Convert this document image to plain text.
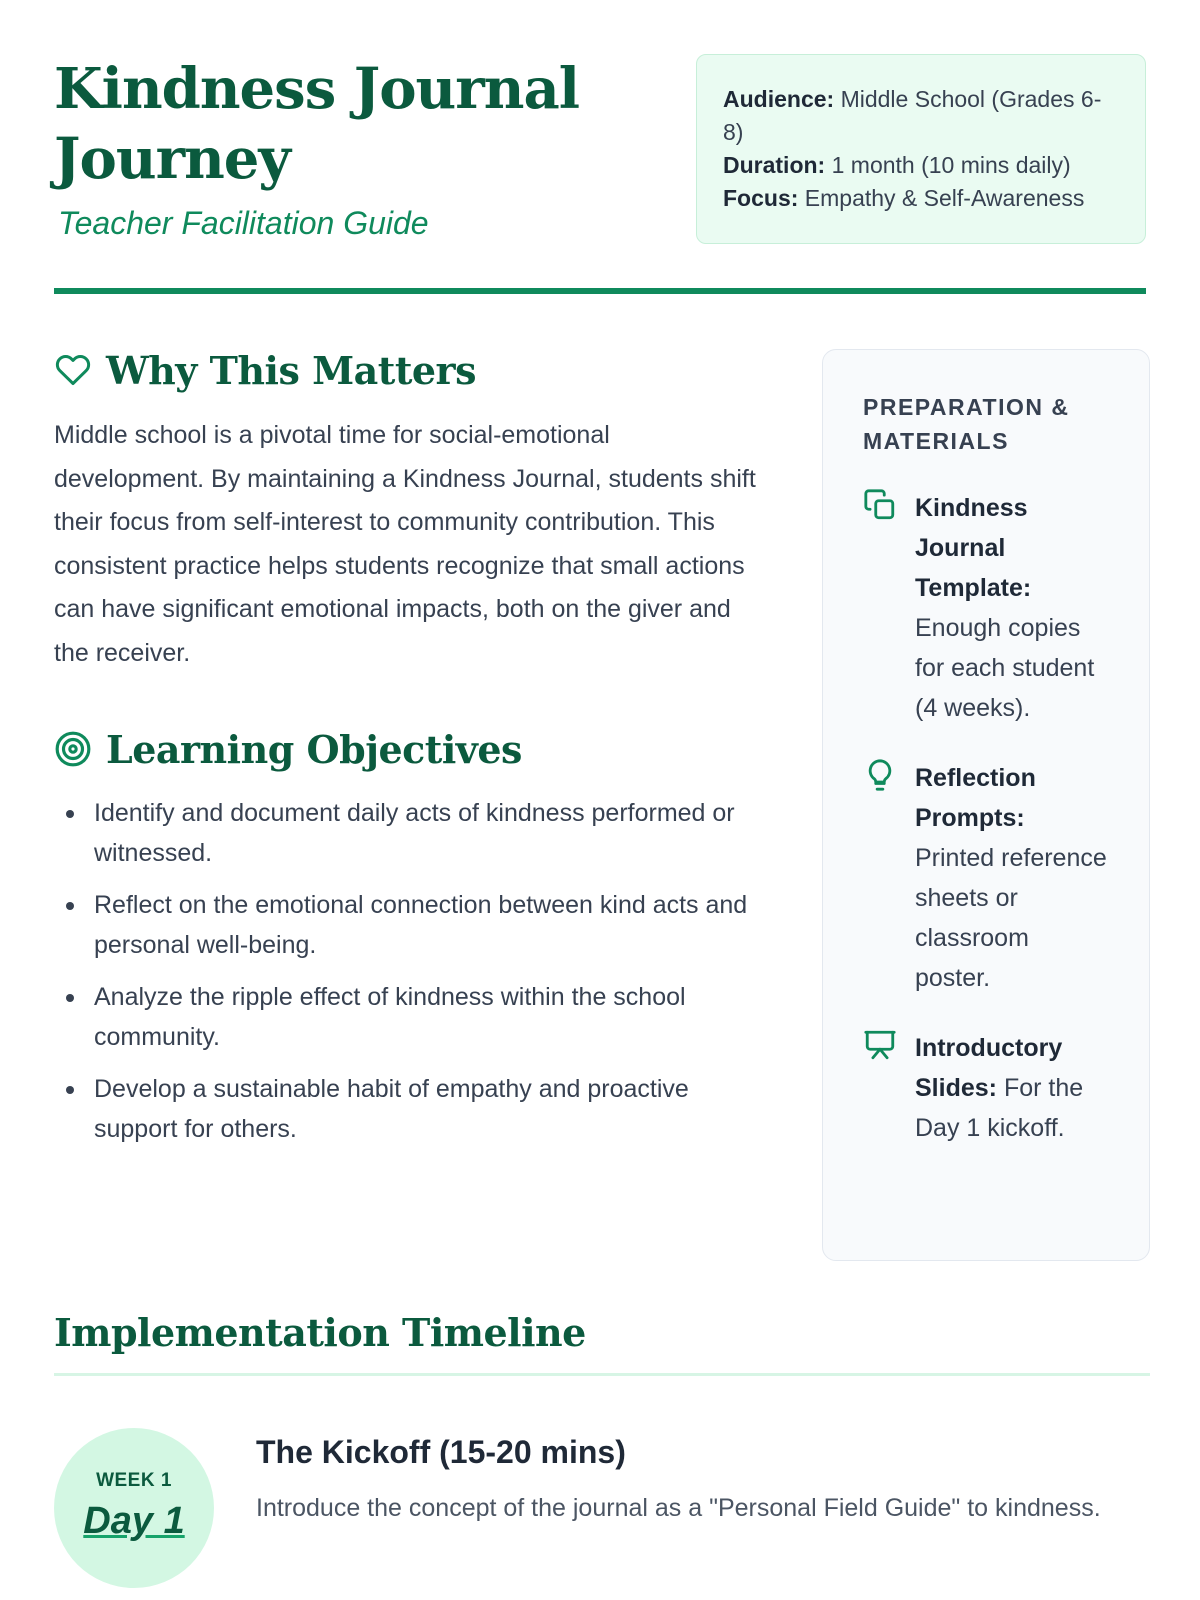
Kindness Journal Journey

Teacher Facilitation Guide

Audience: Middle School (Grades 6-8)
Duration: 1 month (10 mins daily)
Focus: Empathy & Self-Awareness
Why This Matters

Middle school is a pivotal time for social-emotional development. By maintaining a Kindness Journal, students shift their focus from self-interest to community contribution. This consistent practice helps students recognize that small actions can have significant emotional impacts, both on the giver and the receiver.

Learning Objectives
Identify and document daily acts of kindness performed or witnessed.
Reflect on the emotional connection between kind acts and personal well-being.
Analyze the ripple effect of kindness within the school community.
Develop a sustainable habit of empathy and proactive support for others.
PREPARATION & MATERIALS
Kindness Journal Template: Enough copies for each student (4 weeks).
Reflection Prompts: Printed reference sheets or classroom poster.
Introductory Slides: For the Day 1 kickoff.
Implementation Timeline
WEEK 1
Day 1
The Kickoff (15-20 mins)

Introduce the concept of the journal as a "Personal Field Guide" to kindness.
